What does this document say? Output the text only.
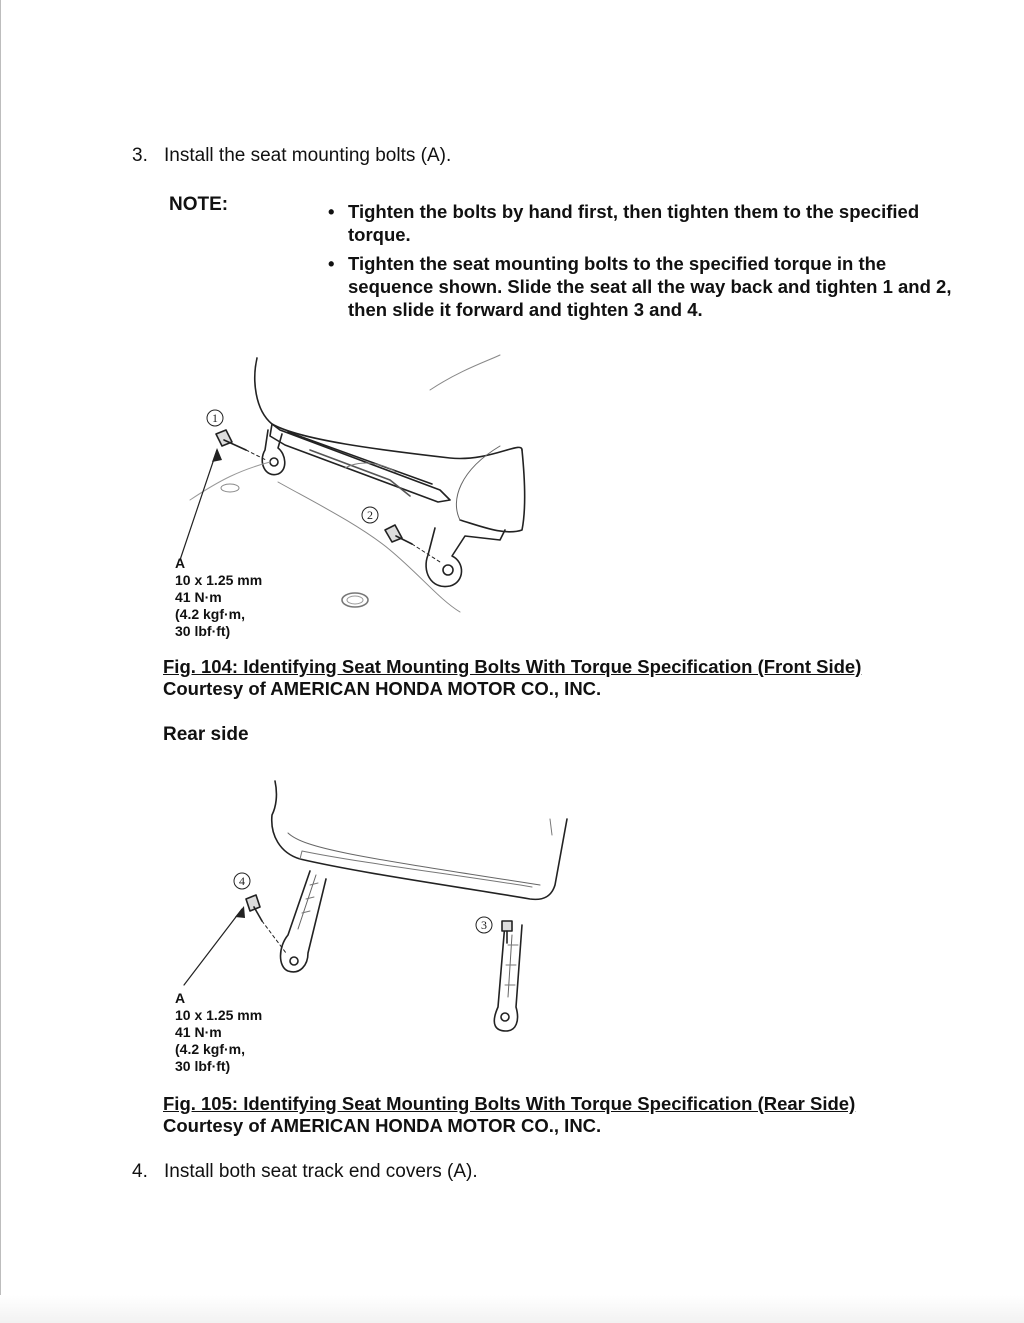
3. Install the seat mounting bolts (A).
NOTE:	• Tighten the bolts by hand first, then tighten them to the specified torque.
• Tighten the seat mounting bolts to the specified torque in the sequence shown. Slide the seat all the way back and tighten 1 and 2, then slide it forward and tighten 3 and 4.
1
2
A
10 x 1.25 mm
41 N·m
(4.2 kgf·m,
30 lbf·ft)
Fig. 104: Identifying Seat Mounting Bolts With Torque Specification (Front Side)
Courtesy of AMERICAN HONDA MOTOR CO., INC.
Rear side
4
3
A
10 x 1.25 mm
41 N·m
(4.2 kgf·m,
30 lbf·ft)
Fig. 105: Identifying Seat Mounting Bolts With Torque Specification (Rear Side)
Courtesy of AMERICAN HONDA MOTOR CO., INC.
4. Install both seat track end covers (A).
